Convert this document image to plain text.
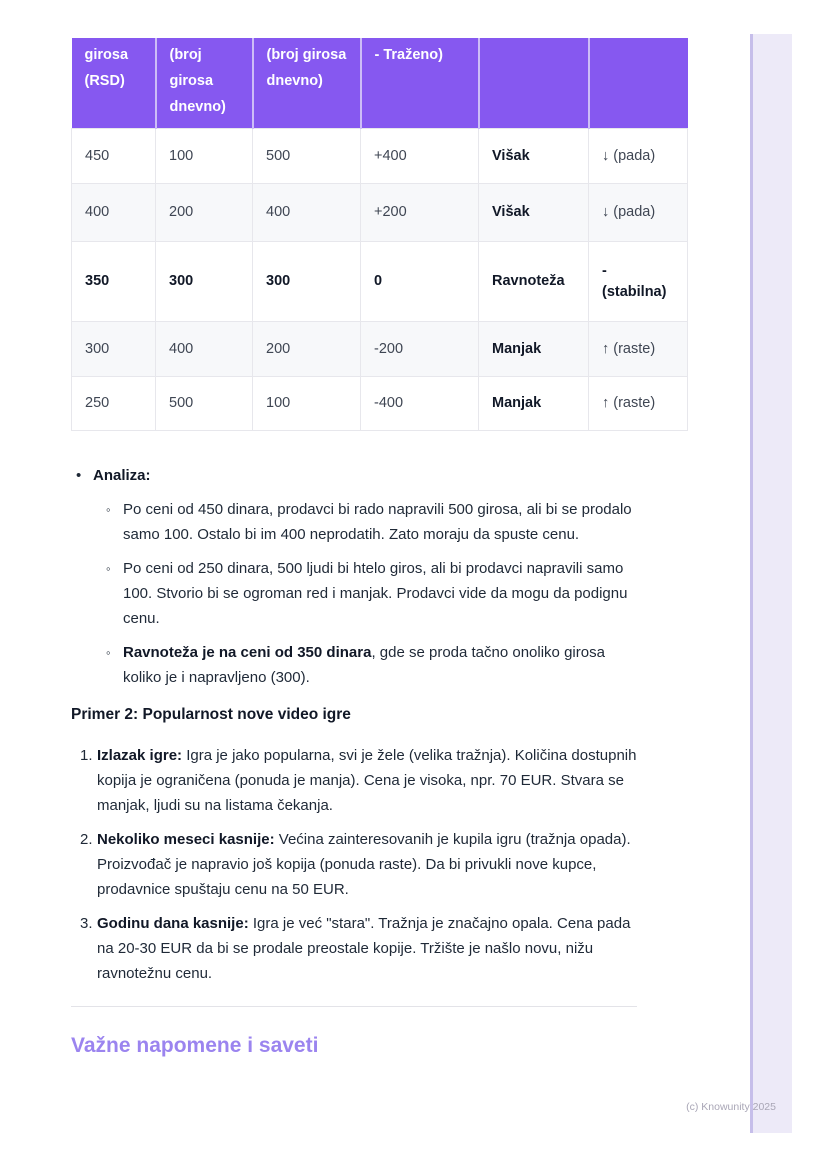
girosa (RSD)	(broj girosa dnevno)	(broj girosa dnevno)	- Traženo)		
450	100	500	+400	Višak	↓ (pada)
400	200	400	+200	Višak	↓ (pada)
350	300	300	0	Ravnoteža	- (stabilna)
300	400	200	-200	Manjak	↑ (raste)
250	500	100	-400	Manjak	↑ (raste)
• Analiza:
◦ Po ceni od 450 dinara, prodavci bi rado napravili 500 girosa, ali bi se prodalo samo 100. Ostalo bi im 400 neprodatih. Zato moraju da spuste cenu.
◦ Po ceni od 250 dinara, 500 ljudi bi htelo giros, ali bi prodavci napravili samo 100. Stvorio bi se ogroman red i manjak. Prodavci vide da mogu da podignu cenu.
◦ Ravnoteža je na ceni od 350 dinara, gde se proda tačno onoliko girosa koliko je i napravljeno (300).
Primer 2: Popularnost nove video igre
1. Izlazak igre: Igra je jako popularna, svi je žele (velika tražnja). Količina dostupnih kopija je ograničena (ponuda je manja). Cena je visoka, npr. 70 EUR. Stvara se manjak, ljudi su na listama čekanja.
2. Nekoliko meseci kasnije: Većina zainteresovanih je kupila igru (tražnja opada). Proizvođač je napravio još kopija (ponuda raste). Da bi privukli nove kupce, prodavnice spuštaju cenu na 50 EUR.
3. Godinu dana kasnije: Igra je već "stara". Tražnja je značajno opala. Cena pada na 20-30 EUR da bi se prodale preostale kopije. Tržište je našlo novu, nižu ravnotežnu cenu.
Važne napomene i saveti
(c) Knowunity 2025
